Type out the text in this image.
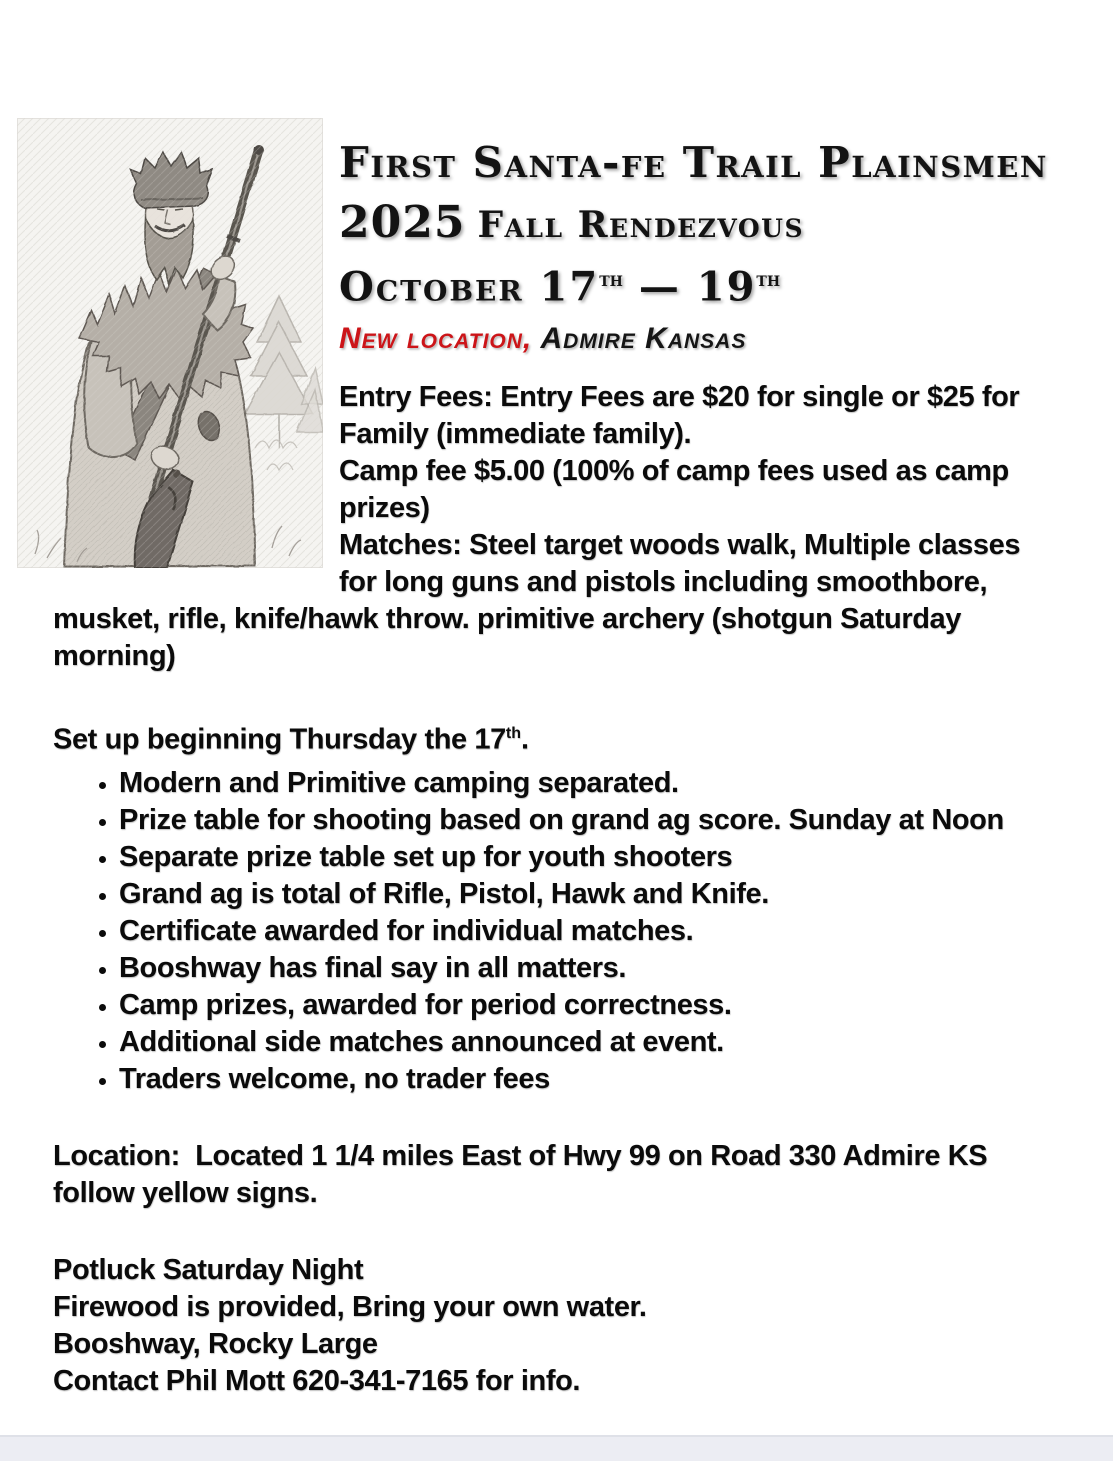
First Santa-fe Trail Plainsmen
2025 Fall Rendezvous
October 17th — 19th
New location, Admire Kansas

Entry Fees: Entry Fees are $20 for single or $25 for Family (immediate family).

Camp fee $5.00 (100% of camp fees used as camp prizes)

Matches: Steel target woods walk, Multiple classes for long guns and pistols including smoothbore, musket, rifle, knife/hawk throw. primitive archery (shotgun Saturday morning)

Set up beginning Thursday the 17th.

• Modern and Primitive camping separated.
• Prize table for shooting based on grand ag score. Sunday at Noon
• Separate prize table set up for youth shooters
• Grand ag is total of Rifle, Pistol, Hawk and Knife.
• Certificate awarded for individual matches.
• Booshway has final say in all matters.
• Camp prizes, awarded for period correctness.
• Additional side matches announced at event.
• Traders welcome, no trader fees

Location:  Located 1 1/4 miles East of Hwy 99 on Road 330 Admire KS follow yellow signs.

Potluck Saturday Night

Firewood is provided, Bring your own water.

Booshway, Rocky Large

Contact Phil Mott 620-341-7165 for info.
